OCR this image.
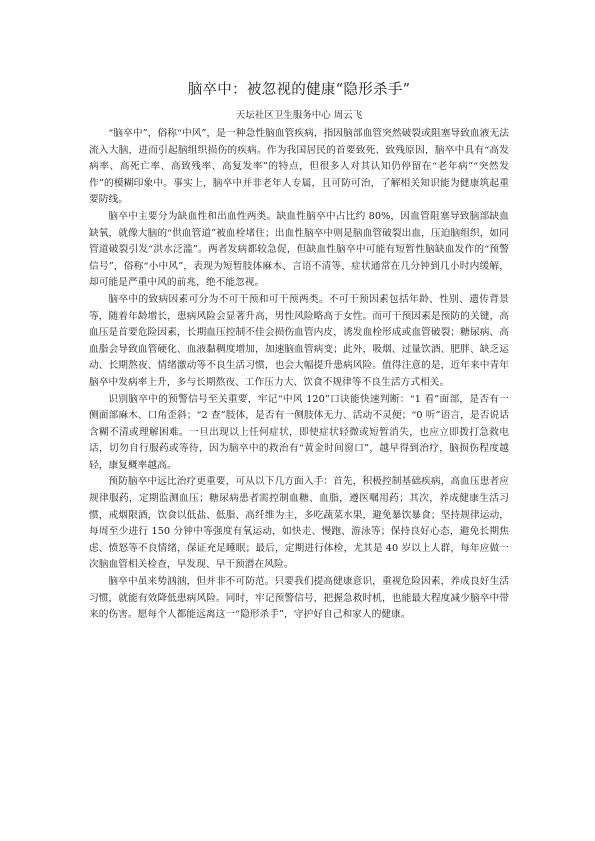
脑卒中：被忽视的健康“隐形杀手”
天坛社区卫生服务中心 周云飞

“脑卒中”，俗称“中风”，是一种急性脑血管疾病，指因脑部血管突然破裂或阻塞导致血液无法流入大脑，进而引起脑组织损伤的疾病。作为我国居民的首要致死、致残原因，脑卒中具有“高发病率、高死亡率、高致残率、高复发率”的特点，但很多人对其认知仍停留在“老年病”“突然发作”的模糊印象中。事实上，脑卒中并非老年人专属，且可防可治，了解相关知识能为健康筑起重要防线。

脑卒中主要分为缺血性和出血性两类。缺血性脑卒中占比约 80%，因血管阻塞导致脑部缺血缺氧，就像大脑的“供血管道”被血栓堵住；出血性脑卒中则是脑血管破裂出血，压迫脑组织，如同管道破裂引发“洪水泛滥”。两者发病都较急促，但缺血性脑卒中可能有短暂性脑缺血发作的“预警信号”，俗称“小中风”，表现为短暂肢体麻木、言语不清等，症状通常在几分钟到几小时内缓解，却可能是严重中风的前兆，绝不能忽视。

脑卒中的致病因素可分为不可干预和可干预两类。不可干预因素包括年龄、性别、遗传背景等，随着年龄增长，患病风险会显著升高，男性风险略高于女性。而可干预因素是预防的关键，高血压是首要危险因素，长期血压控制不佳会损伤血管内皮，诱发血栓形成或血管破裂；糖尿病、高血脂会导致血管硬化、血液黏稠度增加，加速脑血管病变；此外，吸烟、过量饮酒、肥胖、缺乏运动、长期熬夜、情绪激动等不良生活习惯，也会大幅提升患病风险。值得注意的是，近年来中青年脑卒中发病率上升，多与长期熬夜、工作压力大、饮食不规律等不良生活方式相关。

识别脑卒中的预警信号至关重要，牢记“中风 120”口诀能快速判断：“1 看”面部，是否有一侧面部麻木、口角歪斜；“2 查”肢体，是否有一侧肢体无力、活动不灵便；“0 听”语言，是否说话含糊不清或理解困难。一旦出现以上任何症状，即使症状轻微或短暂消失，也应立即拨打急救电话，切勿自行服药或等待，因为脑卒中的救治有“黄金时间窗口”，越早得到治疗，脑损伤程度越轻，康复概率越高。

预防脑卒中远比治疗更重要，可从以下几方面入手：首先，积极控制基础疾病，高血压患者应规律服药，定期监测血压；糖尿病患者需控制血糖、血脂，遵医嘱用药；其次，养成健康生活习惯，戒烟限酒，饮食以低盐、低脂、高纤维为主，多吃蔬菜水果，避免暴饮暴食；坚持规律运动，每周至少进行 150 分钟中等强度有氧运动，如快走、慢跑、游泳等；保持良好心态，避免长期焦虑、愤怒等不良情绪，保证充足睡眠；最后，定期进行体检，尤其是 40 岁以上人群，每年应做一次脑血管相关检查，早发现、早干预潜在风险。

脑卒中虽来势汹汹，但并非不可防范。只要我们提高健康意识，重视危险因素，养成良好生活习惯，就能有效降低患病风险。同时，牢记预警信号，把握急救时机，也能最大程度减少脑卒中带来的伤害。愿每个人都能远离这一“隐形杀手”，守护好自己和家人的健康。
